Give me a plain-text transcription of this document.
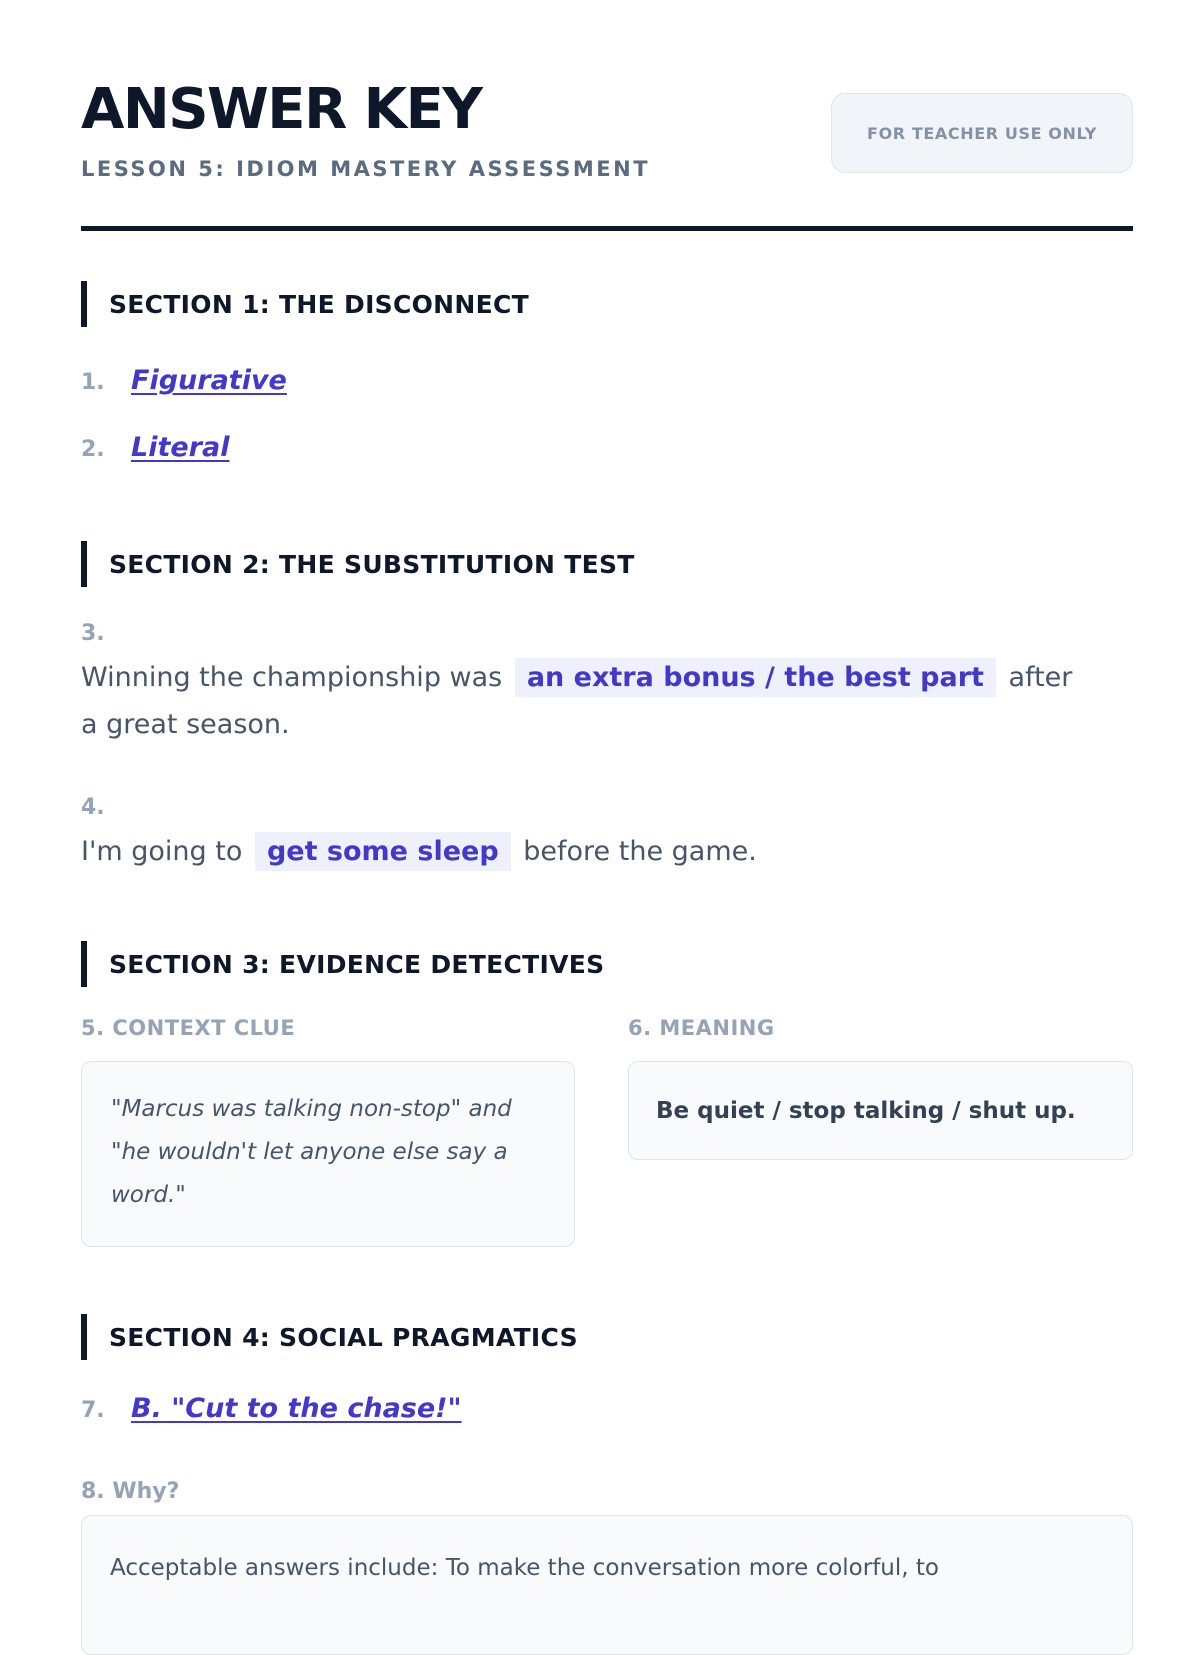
ANSWER KEY
LESSON 5: IDIOM MASTERY ASSESSMENT
FOR TEACHER USE ONLY
SECTION 1: THE DISCONNECT
1. Figurative
2. Literal
SECTION 2: THE SUBSTITUTION TEST
3.
Winning the championship was an extra bonus / the best part after a great season.
4.
I'm going to get some sleep before the game.
SECTION 3: EVIDENCE DETECTIVES
5. CONTEXT CLUE
"Marcus was talking non-stop" and "he wouldn't let anyone else say a word."
6. MEANING
Be quiet / stop talking / shut up.
SECTION 4: SOCIAL PRAGMATICS
7. B. "Cut to the chase!"
8. Why?
Acceptable answers include: To make the conversation more colorful, to
